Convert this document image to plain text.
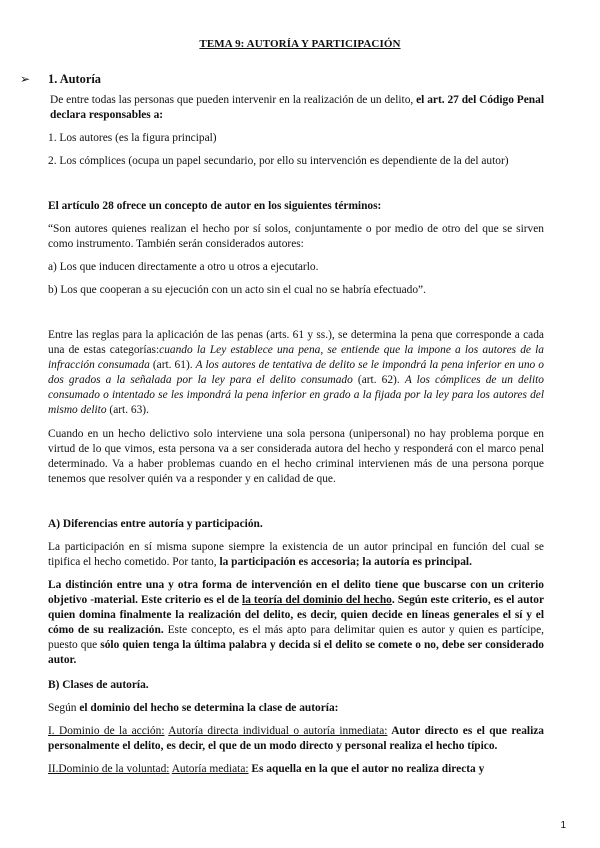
TEMA 9: AUTORÍA Y PARTICIPACIÓN
➢ 1. Autoría

De entre todas las personas que pueden intervenir en la realización de un delito, el art. 27 del Código Penal declara responsables a:

1. Los autores (es la figura principal)

2. Los cómplices (ocupa un papel secundario, por ello su intervención es dependiente de la del autor)

El artículo 28 ofrece un concepto de autor en los siguientes términos:

“Son autores quienes realizan el hecho por sí solos, conjuntamente o por medio de otro del que se sirven como instrumento. También serán considerados autores:

a) Los que inducen directamente a otro u otros a ejecutarlo.

b) Los que cooperan a su ejecución con un acto sin el cual no se habría efectuado”.

Entre las reglas para la aplicación de las penas (arts. 61 y ss.), se determina la pena que corresponde a cada una de estas categorías:cuando la Ley establece una pena, se entiende que la impone a los autores de la infracción consumada (art. 61). A los autores de tentativa de delito se le impondrá la pena inferior en uno o dos grados a la señalada por la ley para el delito consumado (art. 62). A los cómplices de un delito consumado o intentado se les impondrá la pena inferior en grado a la fijada por la ley para los autores del mismo delito (art. 63).

Cuando en un hecho delictivo solo interviene una sola persona (unipersonal) no hay problema porque en virtud de lo que vimos, esta persona va a ser considerada autora del hecho y responderá con el marco penal determinado. Va a haber problemas cuando en el hecho criminal intervienen más de una persona porque tenemos que resolver quién va a responder y en calidad de que.

A) Diferencias entre autoría y participación.

La participación en sí misma supone siempre la existencia de un autor principal en función del cual se tipifica el hecho cometido. Por tanto, la participación es accesoria; la autoría es principal.

La distinción entre una y otra forma de intervención en el delito tiene que buscarse con un criterio objetivo -material. Este criterio es el de la teoría del dominio del hecho. Según este criterio, es el autor quien domina finalmente la realización del delito, es decir, quien decide en líneas generales el sí y el cómo de su realización. Este concepto, es el más apto para delimitar quien es autor y quien es partícipe, puesto que sólo quien tenga la última palabra y decida si el delito se comete o no, debe ser considerado autor.

B) Clases de autoría.

Según el dominio del hecho se determina la clase de autoría:

I. Dominio de la acción: Autoría directa individual o autoría inmediata: Autor directo es el que realiza personalmente el delito, es decir, el que de un modo directo y personal realiza el hecho típico.

II.Dominio de la voluntad: Autoría mediata: Es aquella en la que el autor no realiza directa y

1
